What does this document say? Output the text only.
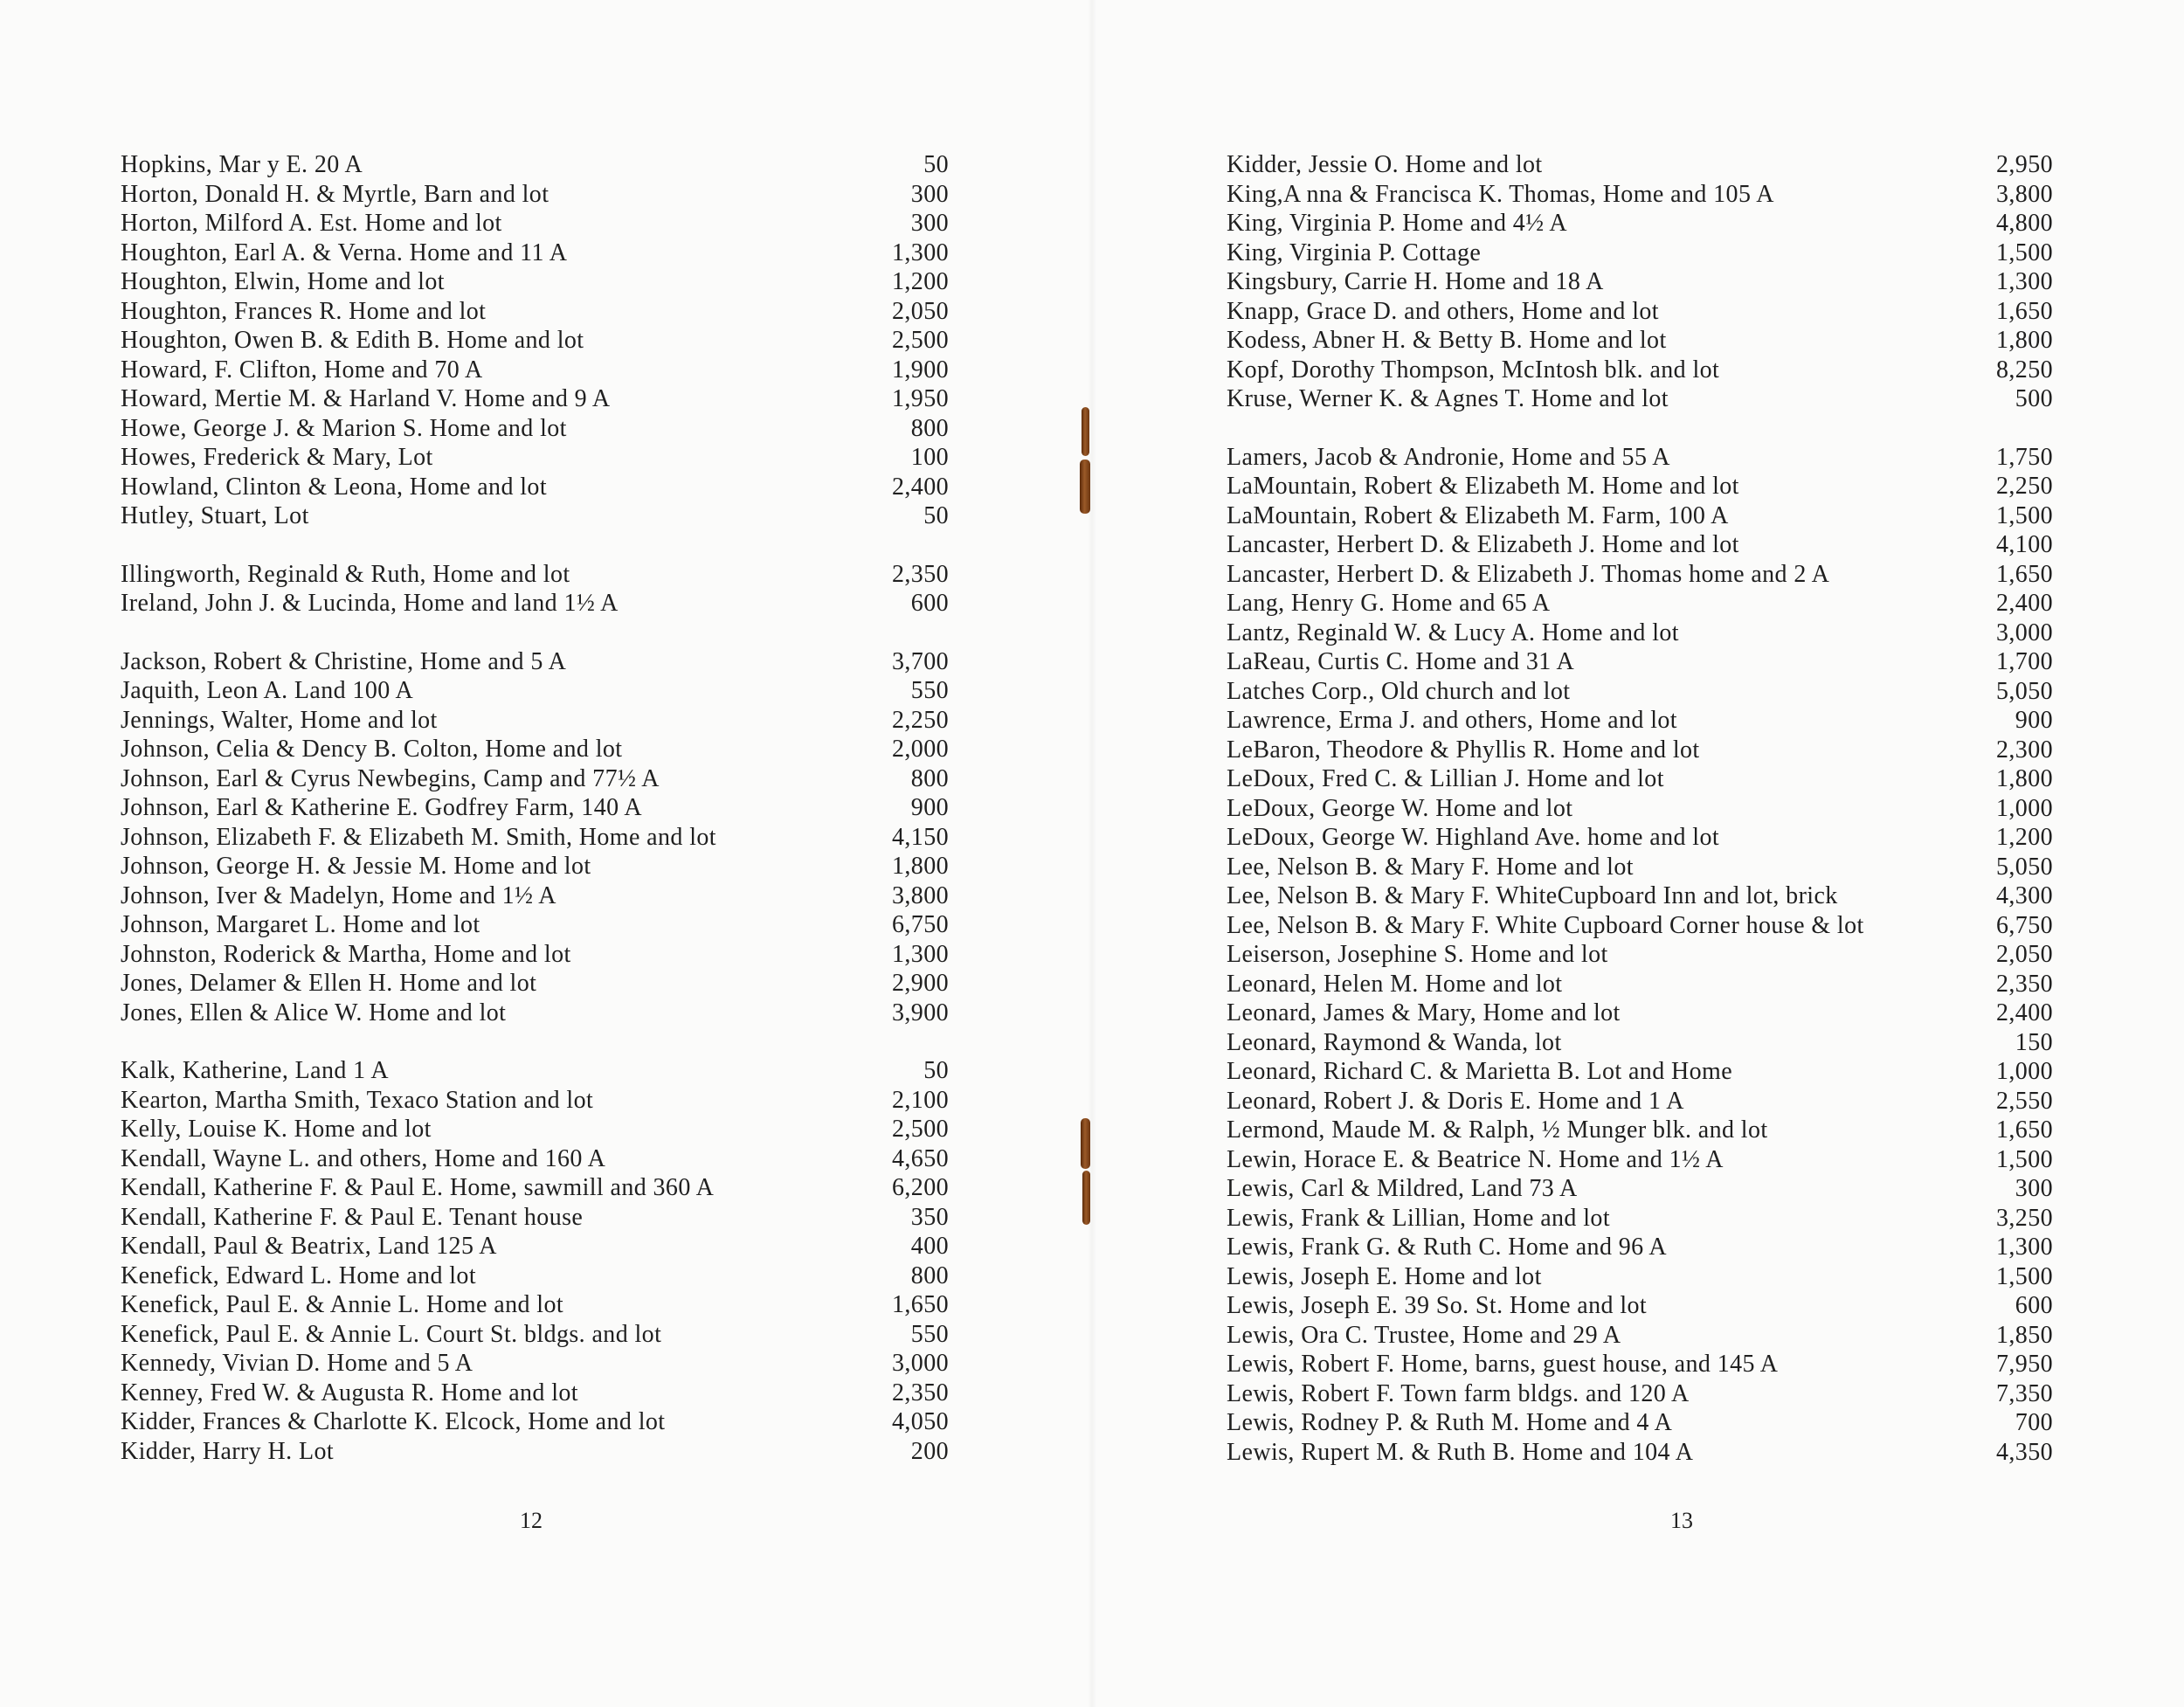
Hopkins, Mar y E. 20 A	50
Horton, Donald H. & Myrtle, Barn and lot	300
Horton, Milford A. Est. Home and lot	300
Houghton, Earl A. & Verna. Home and 11 A	1,300
Houghton, Elwin, Home and lot	1,200
Houghton, Frances R. Home and lot	2,050
Houghton, Owen B. & Edith B. Home and lot	2,500
Howard, F. Clifton, Home and 70 A	1,900
Howard, Mertie M. & Harland V. Home and 9 A	1,950
Howe, George J. & Marion S. Home and lot	800
Howes, Frederick & Mary, Lot	100
Howland, Clinton & Leona, Home and lot	2,400
Hutley, Stuart, Lot	50
Illingworth, Reginald & Ruth, Home and lot	2,350
Ireland, John J. & Lucinda, Home and land 1½ A	600
Jackson, Robert & Christine, Home and 5 A	3,700
Jaquith, Leon A. Land 100 A	550
Jennings, Walter, Home and lot	2,250
Johnson, Celia & Dency B. Colton, Home and lot	2,000
Johnson, Earl & Cyrus Newbegins, Camp and 77½ A	800
Johnson, Earl & Katherine E. Godfrey Farm, 140 A	900
Johnson, Elizabeth F. & Elizabeth M. Smith, Home and lot	4,150
Johnson, George H. & Jessie M. Home and lot	1,800
Johnson, Iver & Madelyn, Home and 1½ A	3,800
Johnson, Margaret L. Home and lot	6,750
Johnston, Roderick & Martha, Home and lot	1,300
Jones, Delamer & Ellen H. Home and lot	2,900
Jones, Ellen & Alice W. Home and lot	3,900
Kalk, Katherine, Land 1 A	50
Kearton, Martha Smith, Texaco Station and lot	2,100
Kelly, Louise K. Home and lot	2,500
Kendall, Wayne L. and others, Home and 160 A	4,650
Kendall, Katherine F. & Paul E. Home, sawmill and 360 A	6,200
Kendall, Katherine F. & Paul E. Tenant house	350
Kendall, Paul & Beatrix, Land 125 A	400
Kenefick, Edward L. Home and lot	800
Kenefick, Paul E. & Annie L. Home and lot	1,650
Kenefick, Paul E. & Annie L. Court St. bldgs. and lot	550
Kennedy, Vivian D. Home and 5 A	3,000
Kenney, Fred W. & Augusta R. Home and lot	2,350
Kidder, Frances & Charlotte K. Elcock, Home and lot	4,050
Kidder, Harry H. Lot	200
12
Kidder, Jessie O. Home and lot	2,950
King,A nna & Francisca K. Thomas, Home and 105 A	3,800
King, Virginia P. Home and 4½ A	4,800
King, Virginia P. Cottage	1,500
Kingsbury, Carrie H. Home and 18 A	1,300
Knapp, Grace D. and others, Home and lot	1,650
Kodess, Abner H. & Betty B. Home and lot	1,800
Kopf, Dorothy Thompson, McIntosh blk. and lot	8,250
Kruse, Werner K. & Agnes T. Home and lot	500
Lamers, Jacob & Andronie, Home and 55 A	1,750
LaMountain, Robert & Elizabeth M. Home and lot	2,250
LaMountain, Robert & Elizabeth M. Farm, 100 A	1,500
Lancaster, Herbert D. & Elizabeth J. Home and lot	4,100
Lancaster, Herbert D. & Elizabeth J. Thomas home and 2 A	1,650
Lang, Henry G. Home and 65 A	2,400
Lantz, Reginald W. & Lucy A. Home and lot	3,000
LaReau, Curtis C. Home and 31 A	1,700
Latches Corp., Old church and lot	5,050
Lawrence, Erma J. and others, Home and lot	900
LeBaron, Theodore & Phyllis R. Home and lot	2,300
LeDoux, Fred C. & Lillian J. Home and lot	1,800
LeDoux, George W. Home and lot	1,000
LeDoux, George W. Highland Ave. home and lot	1,200
Lee, Nelson B. & Mary F. Home and lot	5,050
Lee, Nelson B. & Mary F. WhiteCupboard Inn and lot, brick	4,300
Lee, Nelson B. & Mary F. White Cupboard Corner house & lot	6,750
Leiserson, Josephine S. Home and lot	2,050
Leonard, Helen M. Home and lot	2,350
Leonard, James & Mary, Home and lot	2,400
Leonard, Raymond & Wanda, lot	150
Leonard, Richard C. & Marietta B. Lot and Home	1,000
Leonard, Robert J. & Doris E. Home and 1 A	2,550
Lermond, Maude M. & Ralph, ½ Munger blk. and lot	1,650
Lewin, Horace E. & Beatrice N. Home and 1½ A	1,500
Lewis, Carl & Mildred, Land 73 A	300
Lewis, Frank & Lillian, Home and lot	3,250
Lewis, Frank G. & Ruth C. Home and 96 A	1,300
Lewis, Joseph E. Home and lot	1,500
Lewis, Joseph E. 39 So. St. Home and lot	600
Lewis, Ora C. Trustee, Home and 29 A	1,850
Lewis, Robert F. Home, barns, guest house, and 145 A	7,950
Lewis, Robert F. Town farm bldgs. and 120 A	7,350
Lewis, Rodney P. & Ruth M. Home and 4 A	700
Lewis, Rupert M. & Ruth B. Home and 104 A	4,350
13
